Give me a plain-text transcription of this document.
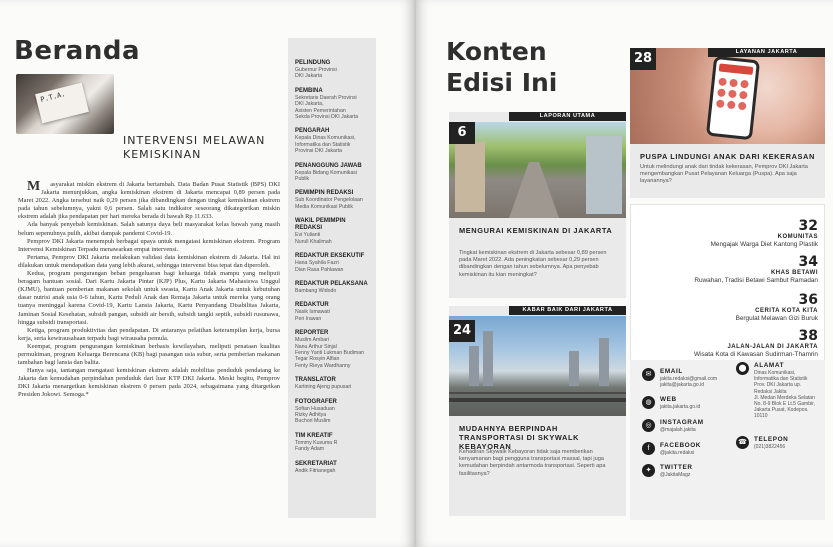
Beranda
P.T.A.
INTERVENSI MELAWAN KEMISKINAN

Masyarakat miskin ekstrem di Jakarta bertambah. Data Badan Pusat Statistik (BPS) DKI Jakarta menunjukkan, angka kemiskinan ekstrem di Jakarta mencapai 0,89 persen pada Maret 2022. Angka tersebut naik 0,29 persen jika dibandingkan dengan tingkat kemiskinan ekstrem pada tahun sebelumnya, yakni 0,6 persen. Salah satu indikator seseorang dikategorikan miskin ekstrem adalah jika pendapatan per hari mereka berada di bawah Rp 11.633.

Ada banyak penyebab kemiskinan. Salah satunya daya beli masyarakat kelas bawah yang masih belum sepenuhnya pulih, akibat dampak pandemi Covid-19.

Pemprov DKI Jakarta menempuh berbagai upaya untuk mengatasi kemiskinan ekstrem. Program Intervensi Kemiskinan Terpadu menawarkan empat intervensi.

Pertama, Pemprov DKI Jakarta melakukan validasi data kemiskinan ekstrem di Jakarta. Hal ini dilakukan untuk mendapatkan data yang lebih akurat, sehingga intervensi bisa tepat dan diperoleh.

Kedua, program pengurangan beban pengeluaran bagi keluarga tidak mampu yang meliputi beragam bantuan sosial. Dari Kartu Jakarta Pintar (KJP) Plus, Kartu Jakarta Mahasiswa Unggul (KJMU), bantuan pemberian makanan sekolah untuk swasta, Kartu Anak Jakarta untuk kebutuhan dasar nutrisi anak usia 0-6 tahun, Kartu Peduli Anak dan Remaja Jakarta untuk mereka yang orang tuanya meninggal karena Covid-19, Kartu Lansia Jakarta, Kartu Penyandang Disabilitas Jakarta, Jaminan Sosial Kesehatan, subsidi pangan, subsidi air bersih, subsidi tangki septik, subsidi rusunawa, hingga subsidi transportasi.

Ketiga, program produktivitas dan pendapatan. Di antaranya pelatihan keterampilan kerja, bursa kerja, serta kewirausahaan terpadu bagi wirausaha pemula.

Keempat, program pengurangan kemiskinan berbasis kewilayahan, meliputi penataan kualitas permukiman, program Keluarga Berencana (KB) bagi pasangan usia subur, serta pemberian makanan tambahan bagi lansia dan balita.

Hanya saja, tantangan mengatasi kemiskinan ekstrem adalah mobilitas penduduk pendatang ke Jakarta dan kemudahan perpindahan penduduk dari luar KTP DKI Jakarta. Meski begitu, Pemprov DKI Jakarta menargetkan kemiskinan ekstrem 0 persen pada 2024, sebagaimana yang ditargetkan Presiden Jokowi. Semoga.*

PELINDUNG
Gubernur Provinsi
DKI Jakarta
PEMBINA
Sekretaris Daerah Provinsi
DKI Jakarta,
Asisten Pemerintahan
Sekda Provinsi DKI Jakarta
PENGARAH
Kepala Dinas Komunikasi,
Informatika dan Statistik
Provinsi DKI Jakarta
PENANGGUNG JAWAB
Kepala Bidang Komunikasi
Publik
PEMIMPIN REDAKSI
Sub Koordinator Pengelolaan
Media Komunikasi Publik
WAKIL PEMIMPIN REDAKSI
Evi Yulianti
Nurull Khalimah
REDAKTUR EKSEKUTIF
Hana Syahila Fazri
Dian Rasa Pahlawan
REDAKTUR PELAKSANA
Bambang Widodo
REDAKTUR
Nasik Ismawati
Peri Irawan
REPORTER
Muslim Ambari
Nanu Arthur Sinjal
Fenny Yanti Lukman Budiman
Tegar Rosyin Alfian
Fenty Rieya Wardhanny
TRANSLATOR
Kartining Ajeng pupusari
FOTOGRAFER
Sofian Husaduan
Rizky Adhitya
Buchori Muslim
TIM KREATIF
Tommy Kusuma R
Fandy Adam
SEKRETARIAT
Andik Fitrianegah
Konten
Edisi Ini
LAYANAN JAKARTA
28
PUSPA LINDUNGI ANAK DARI KEKERASAN
Untuk melindungi anak dari tindak kekerasan, Pemprov DKI Jakarta mengembangkan Pusat Pelayanan Keluarga (Puspa). Apa saja layanannya?
LAPORAN UTAMA
6
MENGURAI KEMISKINAN DI JAKARTA
Tingkat kemiskinan ekstrem di Jakarta sebesar 0,89 persen pada Maret 2022. Ada peningkatan sebesar 0,29 persen dibandingkan dengan tahun sebelumnya. Apa penyebab kemiskinan itu kian meningkat?
KABAR BAIK DARI JAKARTA
24
MUDAHNYA BERPINDAH TRANSPORTASI DI SKYWALK KEBAYORAN
Kehadiran Skywalk Kebayoran tidak saja memberikan kenyamanan bagi pengguna transportasi massal, tapi juga kemudahan berpindah antarmoda transportasi. Seperti apa fasilitasnya?
32
KOMUNITAS
Mengajak Warga Diet Kantong Plastik
34
KHAS BETAWI
Ruwahan, Tradisi Betawi Sambut Ramadan
36
CERITA KOTA KITA
Bergulat Melawan Gizi Buruk
38
JALAN-JALAN DI JAKARTA
Wisata Kota di Kawasan Sudirman-Thamrin
✉	EMAIL
jakita.redaksi@gmail.com
jakita@jakarta.go.id
◍	WEB
jakita.jakarta.go.id
◎	INSTAGRAM
@majalah.jakita
f	FACEBOOK
@jakita.redaksi
✦	TWITTER
@JakitaMagz
⬤	ALAMAT
Dinas Komunikasi,
Informatika dan Statistik
Prov. DKI Jakarta up.
Redaksi Jakita
Jl. Medan Merdeka Selatan
No. 8-9 Blok E Lt.5 Gambir,
Jakarta Pusat, Kodepos.
10110
☎	TELEPON
(021)3822456
